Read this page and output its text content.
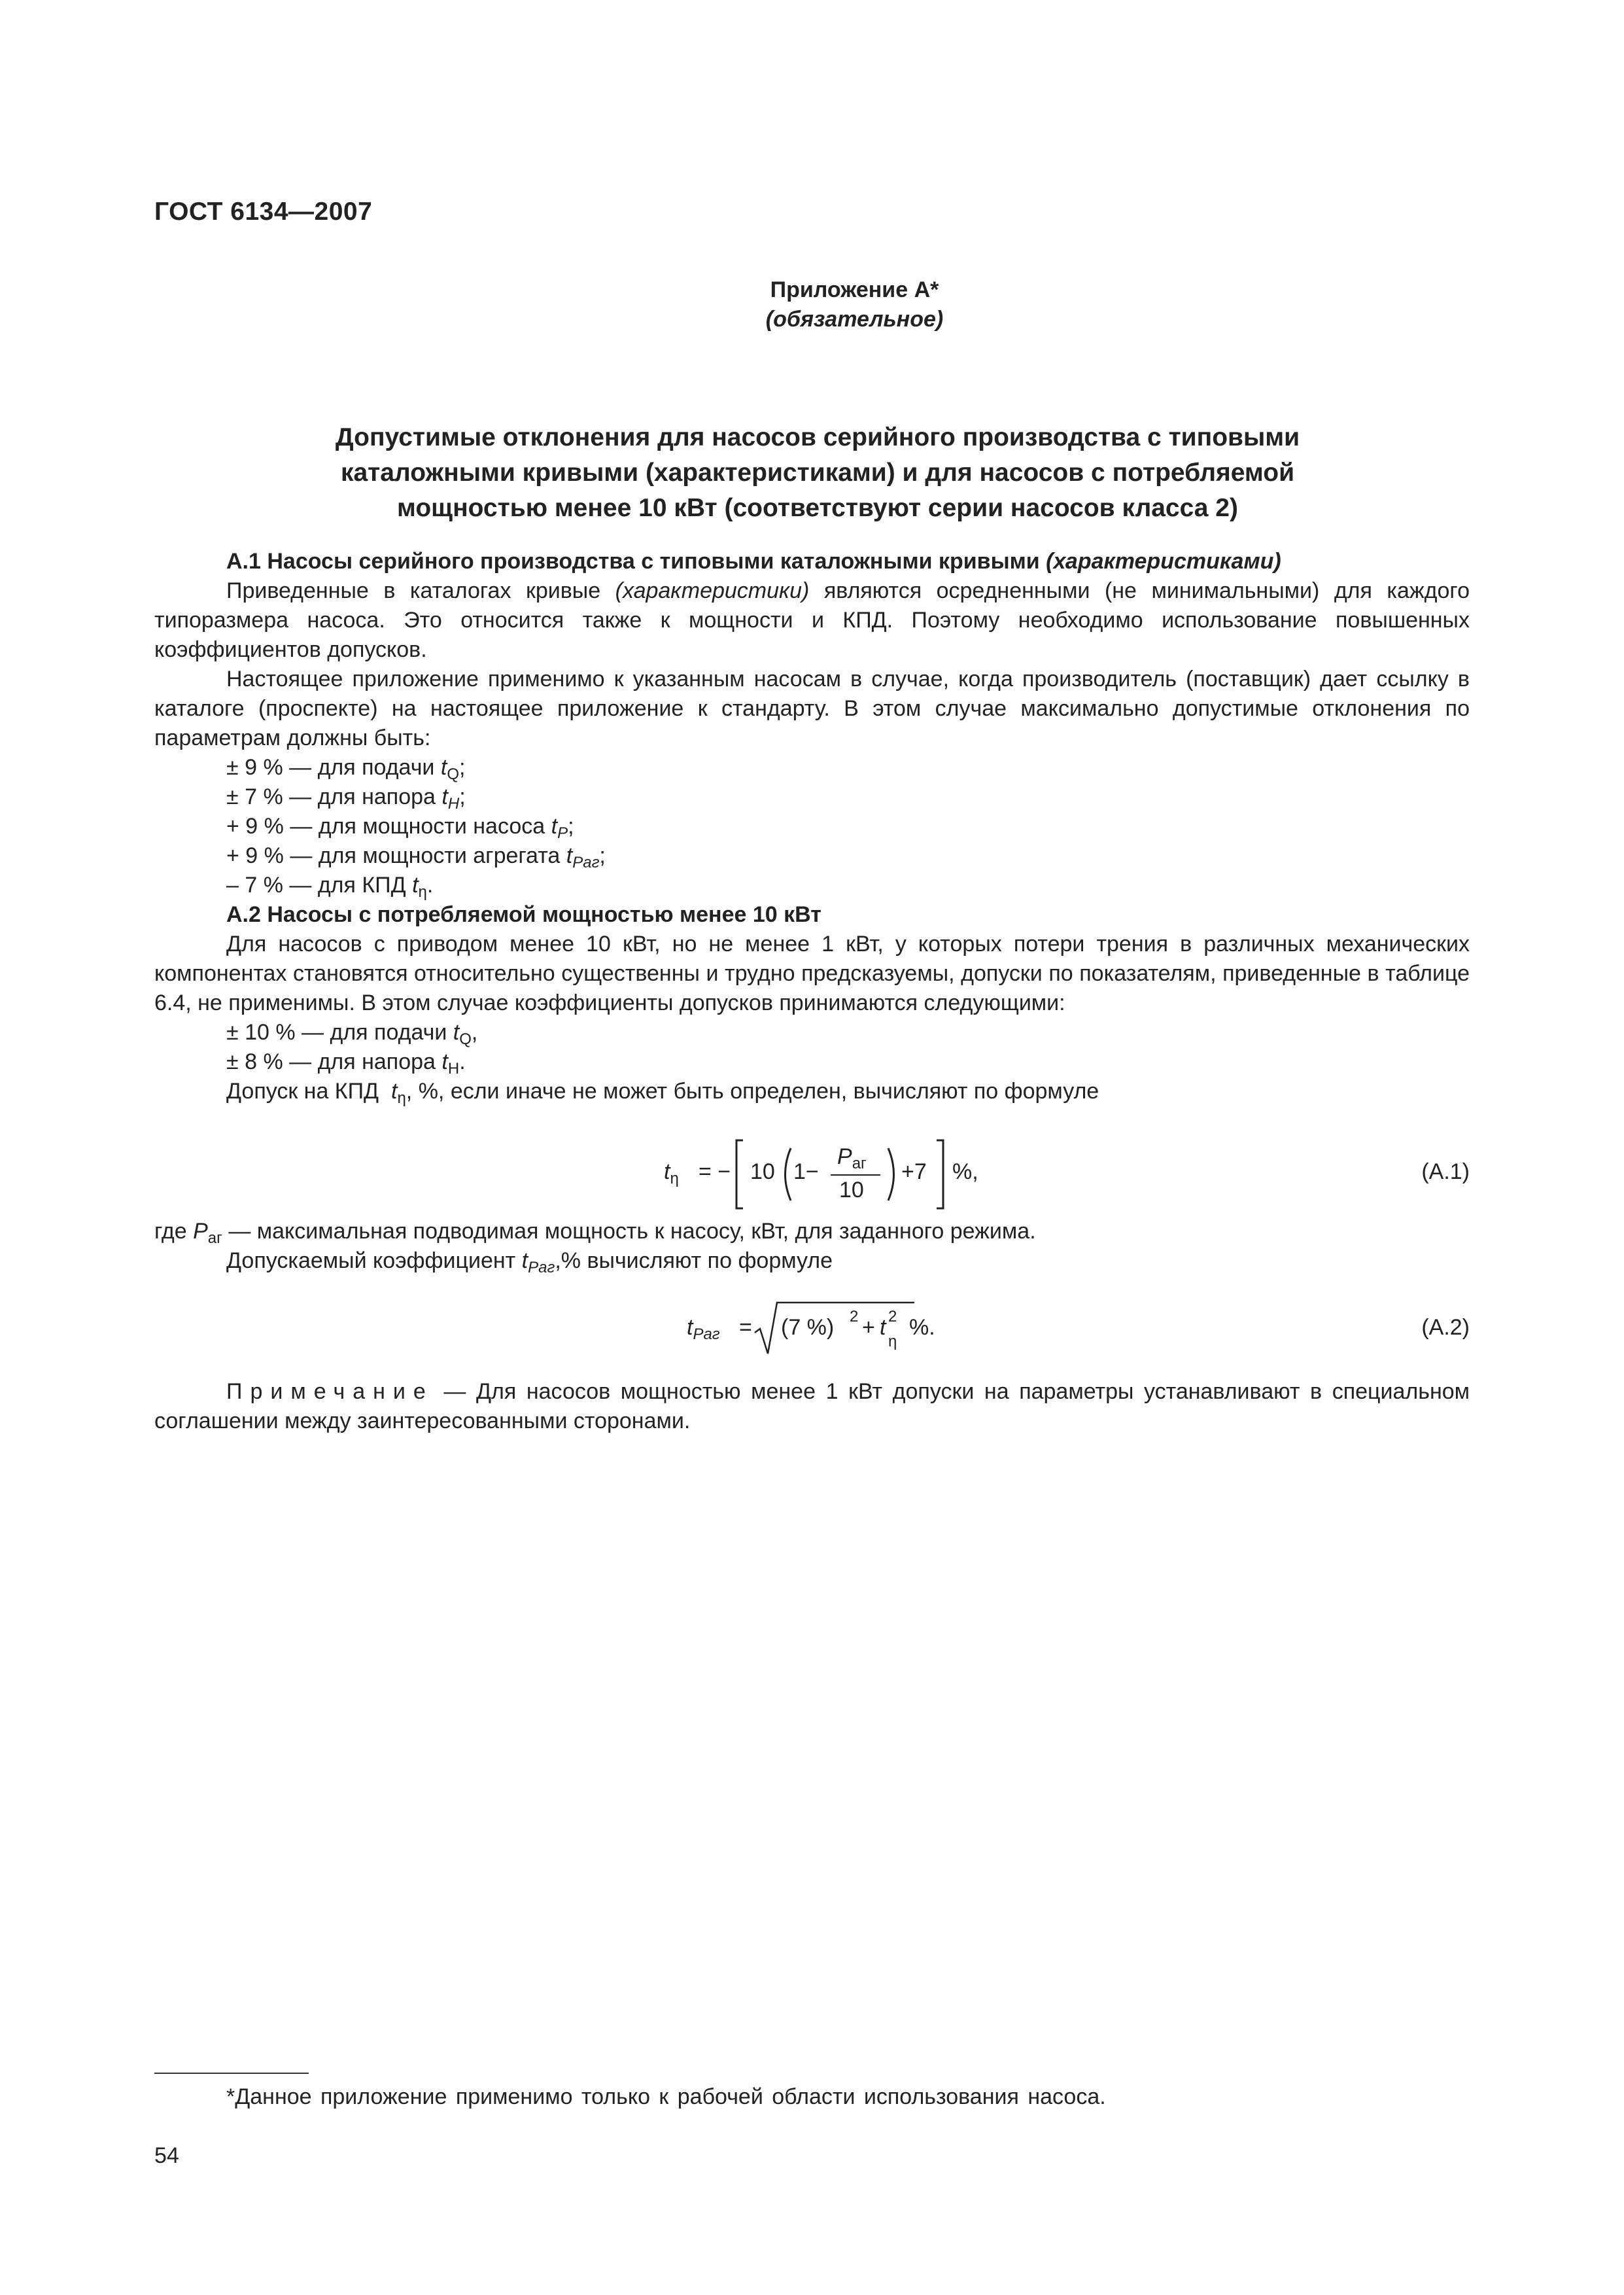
ГОСТ 6134—2007
Приложение А*
(обязательное)
Допустимые отклонения для насосов серийного производства с типовыми
каталожными кривыми (характеристиками) и для насосов с потребляемой
мощностью менее 10 кВт (соответствуют серии насосов класса 2)
А.1 Насосы серийного производства с типовыми каталожными кривыми (характеристиками)
Приведенные в каталогах кривые (характеристики) являются осредненными (не минимальными) для каждого типоразмера насоса. Это относится также к мощности и КПД. Поэтому необходимо использование повышенных коэффициентов допусков.
Настоящее приложение применимо к указанным насосам в случае, когда производитель (поставщик) дает ссылку в каталоге (проспекте) на настоящее приложение к стандарту. В этом случае максимально допустимые отклонения по параметрам должны быть:
± 9 % — для подачи $t_Q$;
± 7 % — для напора $t_H$;
+ 9 % — для мощности насоса $t_P$;
+ 9 % — для мощности агрегата $t_{Pаг}$;
– 7 % — для КПД $t_\eta$.
А.2 Насосы с потребляемой мощностью менее 10 кВт
Для насосов с приводом менее 10 кВт, но не менее 1 кВт, у которых потери трения в различных механических компонентах становятся относительно существенны и трудно предсказуемы, допуски по показателям, приведенные в таблице 6.4, не применимы. В этом случае коэффициенты допусков принимаются следующими:
± 10 % — для подачи $t_Q$,
± 8 % — для напора $t_H$.
Допуск на КПД $t_\eta$, %, если иначе не может быть определен, вычисляют по формуле
$t_\eta$ = − 10 1−
$P_{аг}$
10
+7 %,	(А.1)
где $P_{аг}$ — максимальная подводимая мощность к насосу, кВт, для заданного режима.
Допускаемый коэффициент $t_{Pаг},\%$ вычисляют по формуле
$t_{Pаг} = (7$ %) 2 + t 2
η
%.	(А.2)
Примечание — Для насосов мощностью менее 1 кВт допуски на параметры устанавливают в специальном соглашении между заинтересованными сторонами.
*Данное приложение применимо только к рабочей области использования насоса.
54
